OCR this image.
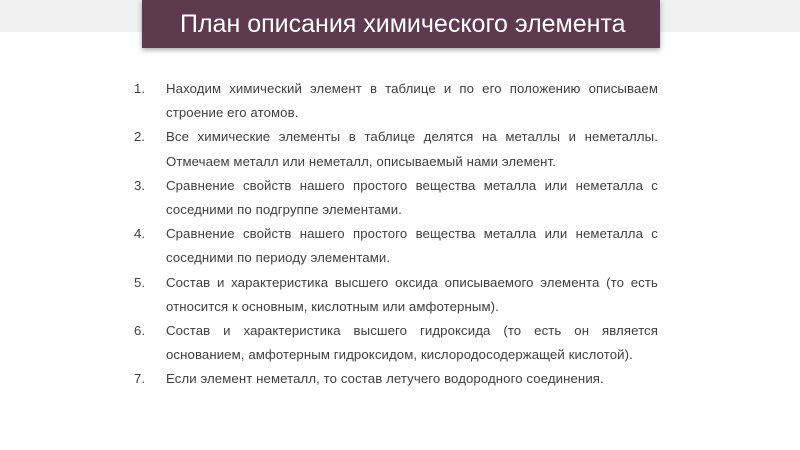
План описания химического элемента
1.	Находим химический элемент в таблице и по его положению описываем строение его атомов.
2.	Все химические элементы в таблице делятся на металлы и неметаллы. Отмечаем металл или неметалл, описываемый нами элемент.
3.	Сравнение свойств нашего простого вещества металла или неметалла с соседними по подгруппе элементами.
4.	Сравнение свойств нашего простого вещества металла или неметалла с соседними по периоду элементами.
5.	Состав и характеристика высшего оксида описываемого элемента (то есть относится к основным, кислотным или амфотерным).
6.	Состав и характеристика высшего гидроксида (то есть он является основанием, амфотерным гидроксидом, кислородосодержащей кислотой).
7.	Если элемент неметалл, то состав летучего водородного соединения.
